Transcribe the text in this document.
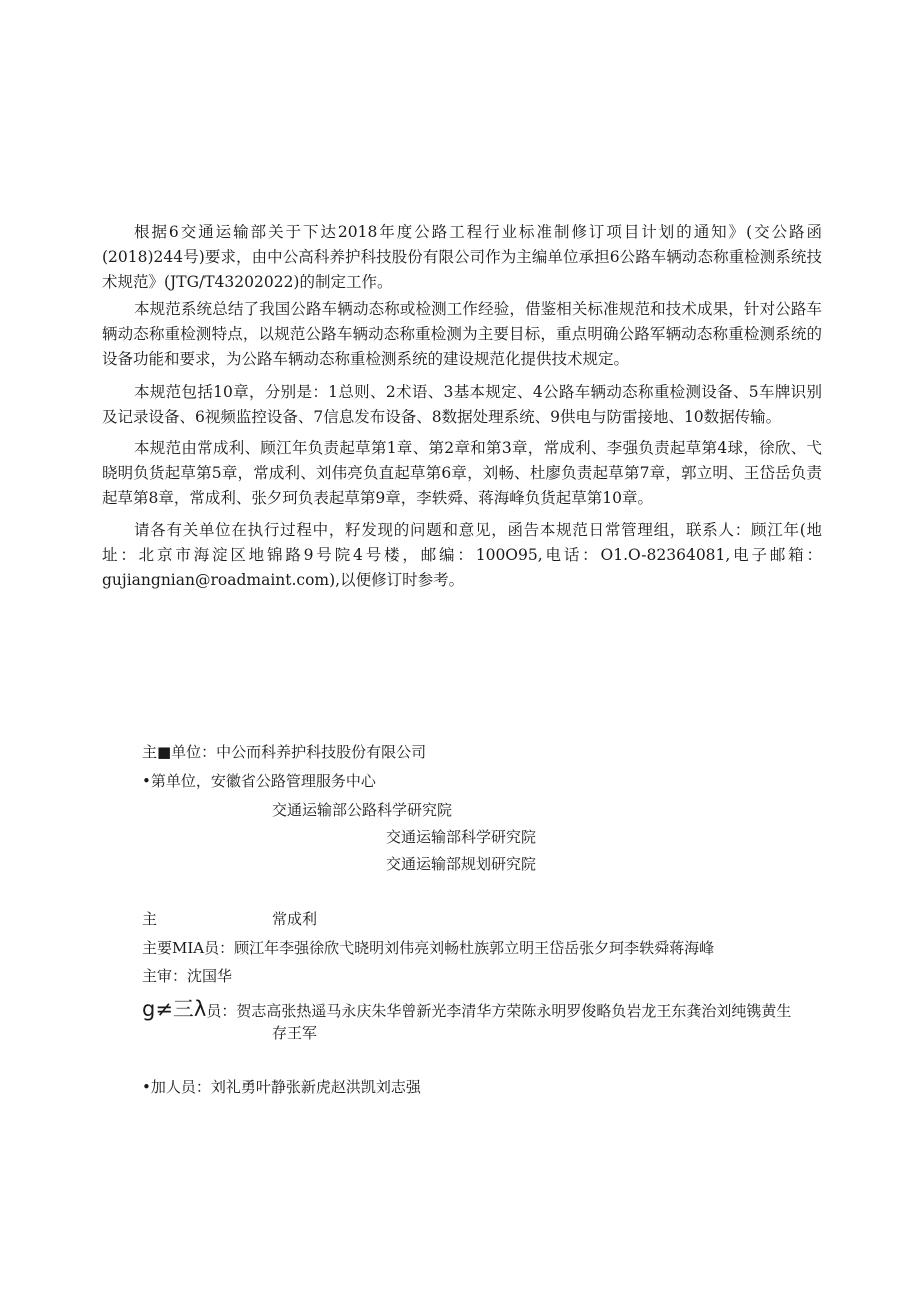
根据6交通运输部关于下达2018年度公路工程行业标准制修订项目计划的通知》(交公路函(2018)244号)要求，由中公高科养护科技股份有限公司作为主编单位承担6公路车辆动态称重检测系统技术规范》(JTG/T43202022)的制定工作。

本规范系统总结了我国公路车辆动态称或检测工作经验，借鉴相关标准规范和技术成果，针对公路车辆动态称重检测特点，以规范公路车辆动态称重检测为主要目标，重点明确公路军辆动态称重检测系统的设备功能和要求，为公路车辆动态称重检测系统的建设规范化提供技术规定。

本规范包括10章，分别是：1总则、2术语、3基本规定、4公路车辆动态称重检测设备、5车牌识别及记录设备、6视频监控设备、7信息发布设备、8数据处理系统、9供电与防雷接地、10数据传输。

本规范由常成利、顾江年负责起草第1章、第2章和第3章，常成利、李强负责起草第4球，徐欣、弋晓明负货起草第5章，常成利、刘伟亮负直起草第6章，刘畅、杜廖负责起草第7章，郭立明、王岱岳负责起草第8章，常成利、张夕珂负表起草第9章，李轶舜、蒋海峰负货起草第10章。

请各有关单位在执行过程中，籽发现的问题和意见，函告本规范日常管理组，联系人：顾江年(地址：北京市海淀区地锦路9号院4号楼，邮编：100O95,电话：O1.O-82364081,电子邮箱：gujiangnian@roadmaint.com),以便修订时参考。

主■单位：中公而科养护科技股份有限公司
•第单位，安徽省公路管理服务中心
交通运输部公路科学研究院
交通运输部科学研究院
交通运输部规划研究院
主	常成利
主要MIA员：顾江年李强徐欣弋晓明刘伟亮刘畅杜族郭立明王岱岳张夕珂李轶舜蒋海峰
主审：沈国华
g≠三λ员：贺志高张热遥马永庆朱华曾新光李清华方荣陈永明罗俊略负岩龙王东龚治刘纯镌黄生
存王军
•加人员：刘礼勇叶静张新虎赵洪凯刘志强
